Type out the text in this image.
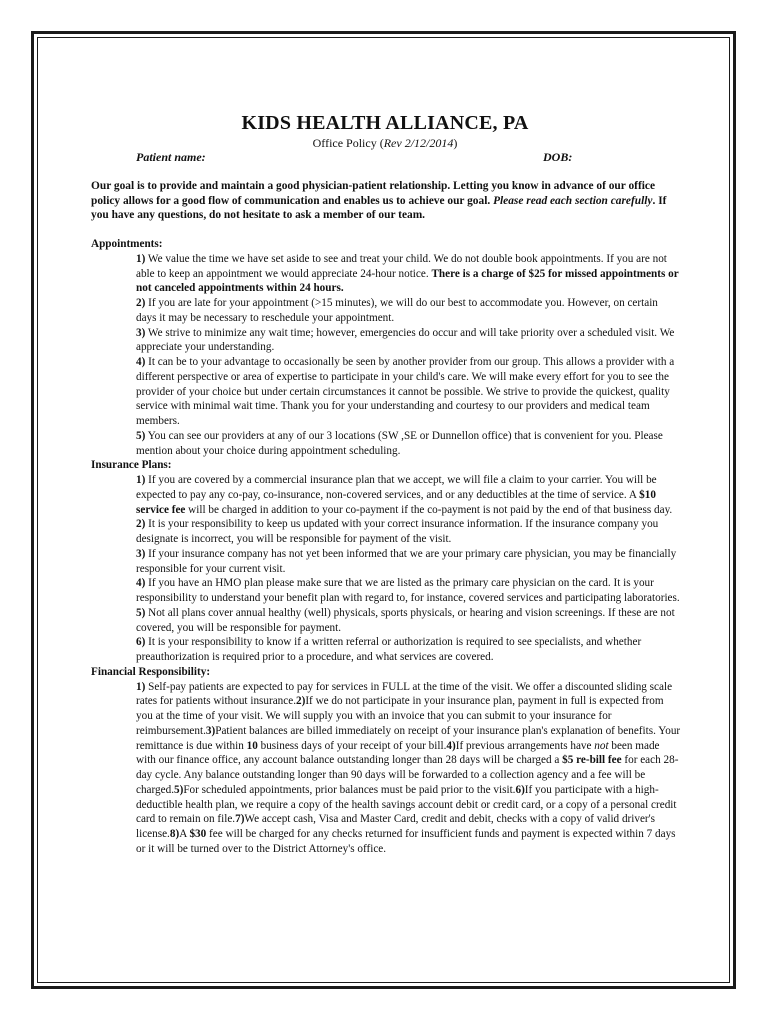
KIDS HEALTH ALLIANCE, PA
Office Policy (Rev 2/12/2014)
Patient name:	DOB:
Our goal is to provide and maintain a good physician-patient relationship. Letting you know in advance of our office policy allows for a good flow of communication and enables us to achieve our goal. Please read each section carefully. If you have any questions, do not hesitate to ask a member of our team.
Appointments:
1) We value the time we have set aside to see and treat your child. We do not double book appointments. If you are not able to keep an appointment we would appreciate 24-hour notice. There is a charge of $25 for missed appointments or not canceled appointments within 24 hours.
2) If you are late for your appointment (>15 minutes), we will do our best to accommodate you. However, on certain days it may be necessary to reschedule your appointment.
3) We strive to minimize any wait time; however, emergencies do occur and will take priority over a scheduled visit. We appreciate your understanding.
4) It can be to your advantage to occasionally be seen by another provider from our group. This allows a provider with a different perspective or area of expertise to participate in your child's care. We will make every effort for you to see the provider of your choice but under certain circumstances it cannot be possible. We strive to provide the quickest, quality service with minimal wait time. Thank you for your understanding and courtesy to our providers and medical team members.
5) You can see our providers at any of our 3 locations (SW ,SE or Dunnellon office) that is convenient for you. Please mention about your choice during appointment scheduling.
Insurance Plans:
1) If you are covered by a commercial insurance plan that we accept, we will file a claim to your carrier. You will be expected to pay any co-pay, co-insurance, non-covered services, and or any deductibles at the time of service. A $10 service fee will be charged in addition to your co-payment if the co-payment is not paid by the end of that business day.
2) It is your responsibility to keep us updated with your correct insurance information. If the insurance company you designate is incorrect, you will be responsible for payment of the visit.
3) If your insurance company has not yet been informed that we are your primary care physician, you may be financially responsible for your current visit.
4) If you have an HMO plan please make sure that we are listed as the primary care physician on the card. It is your responsibility to understand your benefit plan with regard to, for instance, covered services and participating laboratories.
5) Not all plans cover annual healthy (well) physicals, sports physicals, or hearing and vision screenings. If these are not covered, you will be responsible for payment.
6) It is your responsibility to know if a written referral or authorization is required to see specialists, and whether preauthorization is required prior to a procedure, and what services are covered.
Financial Responsibility:
1) Self-pay patients are expected to pay for services in FULL at the time of the visit. We offer a discounted sliding scale rates for patients without insurance.2)If we do not participate in your insurance plan, payment in full is expected from you at the time of your visit. We will supply you with an invoice that you can submit to your insurance for reimbursement.3)Patient balances are billed immediately on receipt of your insurance plan's explanation of benefits. Your remittance is due within 10 business days of your receipt of your bill.4)If previous arrangements have not been made with our finance office, any account balance outstanding longer than 28 days will be charged a $5 re-bill fee for each 28-day cycle. Any balance outstanding longer than 90 days will be forwarded to a collection agency and a fee will be charged.5)For scheduled appointments, prior balances must be paid prior to the visit.6)If you participate with a high-deductible health plan, we require a copy of the health savings account debit or credit card, or a copy of a personal credit card to remain on file.7)We accept cash, Visa and Master Card, credit and debit, checks with a copy of valid driver's license.8)A $30 fee will be charged for any checks returned for insufficient funds and payment is expected within 7 days or it will be turned over to the District Attorney's office.
